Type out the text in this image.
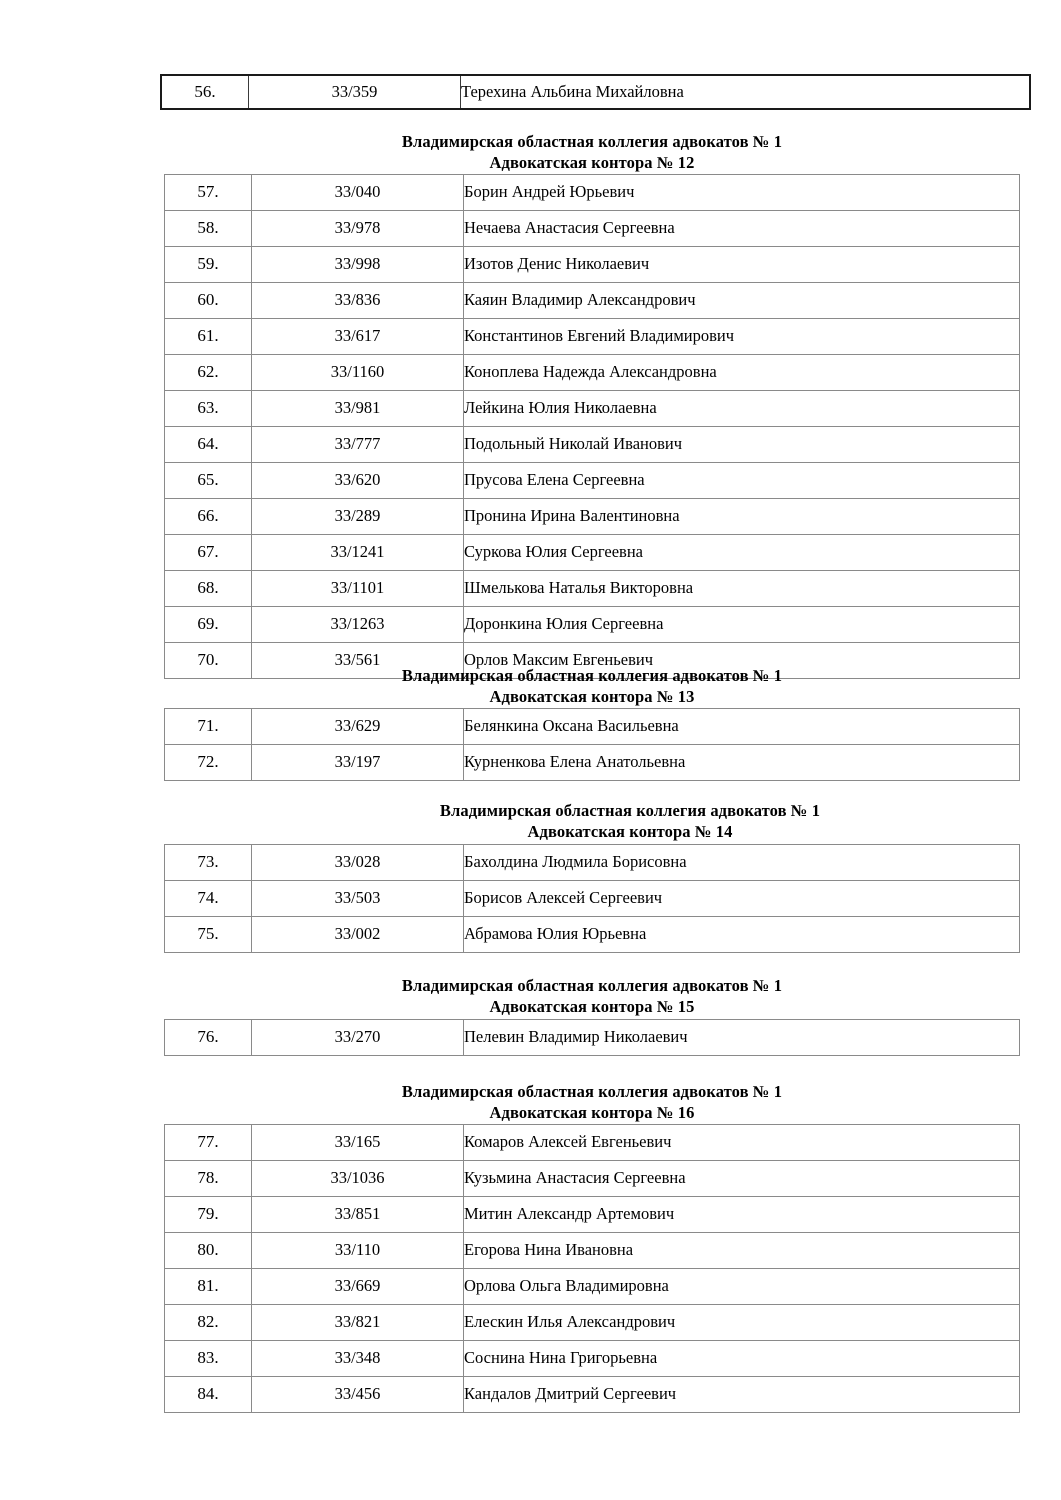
56.	33/359	Терехина Альбина Михайловна
Владимирская областная коллегия адвокатов № 1
Адвокатская контора № 12
57.	33/040	Борин Андрей Юрьевич
58.	33/978	Нечаева Анастасия Сергеевна
59.	33/998	Изотов Денис Николаевич
60.	33/836	Каяин Владимир Александрович
61.	33/617	Константинов Евгений Владимирович
62.	33/1160	Коноплева Надежда Александровна
63.	33/981	Лейкина Юлия Николаевна
64.	33/777	Подольный Николай Иванович
65.	33/620	Прусова Елена Сергеевна
66.	33/289	Пронина Ирина Валентиновна
67.	33/1241	Суркова Юлия Сергеевна
68.	33/1101	Шмелькова Наталья Викторовна
69.	33/1263	Доронкина Юлия Сергеевна
70.	33/561	Орлов Максим Евгеньевич
Владимирская областная коллегия адвокатов № 1
Адвокатская контора № 13
71.	33/629	Белянкина Оксана Васильевна
72.	33/197	Курненкова Елена Анатольевна
Владимирская областная коллегия адвокатов № 1
Адвокатская контора № 14
73.	33/028	Бахолдина Людмила Борисовна
74.	33/503	Борисов Алексей Сергеевич
75.	33/002	Абрамова Юлия Юрьевна
Владимирская областная коллегия адвокатов № 1
Адвокатская контора № 15
76.	33/270	Пелевин Владимир Николаевич
Владимирская областная коллегия адвокатов № 1
Адвокатская контора № 16
77.	33/165	Комаров Алексей Евгеньевич
78.	33/1036	Кузьмина Анастасия Сергеевна
79.	33/851	Митин Александр Артемович
80.	33/110	Егорова Нина Ивановна
81.	33/669	Орлова Ольга Владимировна
82.	33/821	Елескин Илья Александрович
83.	33/348	Соснина Нина Григорьевна
84.	33/456	Кандалов Дмитрий Сергеевич
